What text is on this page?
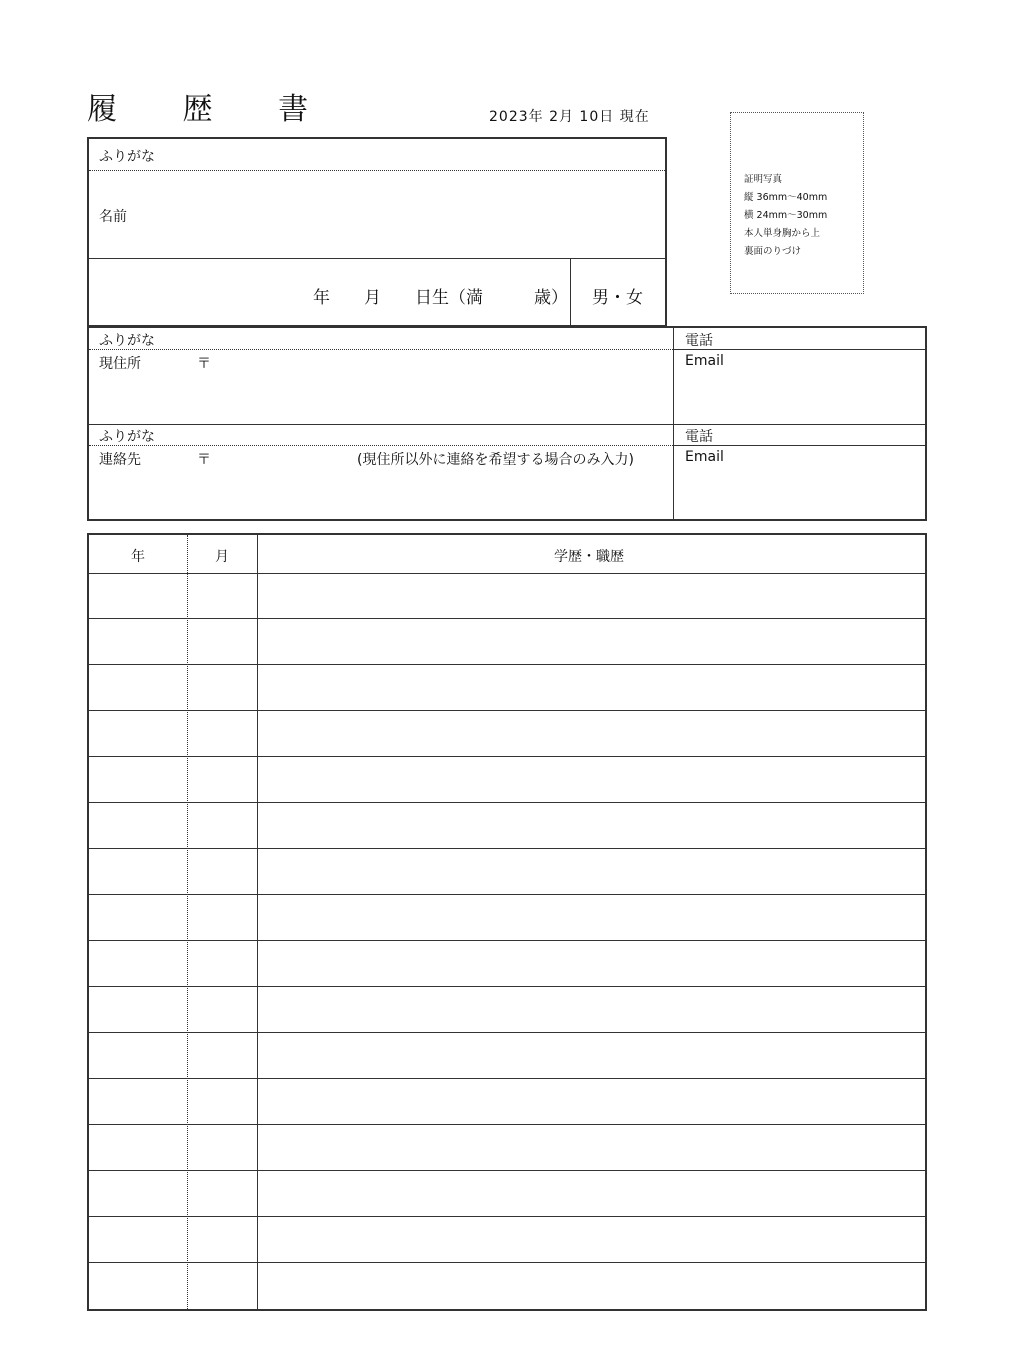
履 歴 書	2023年 2月 10日 現在
証明写真
縦 36mm〜40mm
横 24mm〜30mm
本人単身胸から上
裏面のりづけ
ふりがな
名前
年　　月　　日生（満　　　歳） 男・女
ふりがな
現住所	〒
電話
Email
ふりがな
連絡先	〒	(現住所以外に連絡を希望する場合のみ入力)
電話
Email
年	月	学歴・職歴
